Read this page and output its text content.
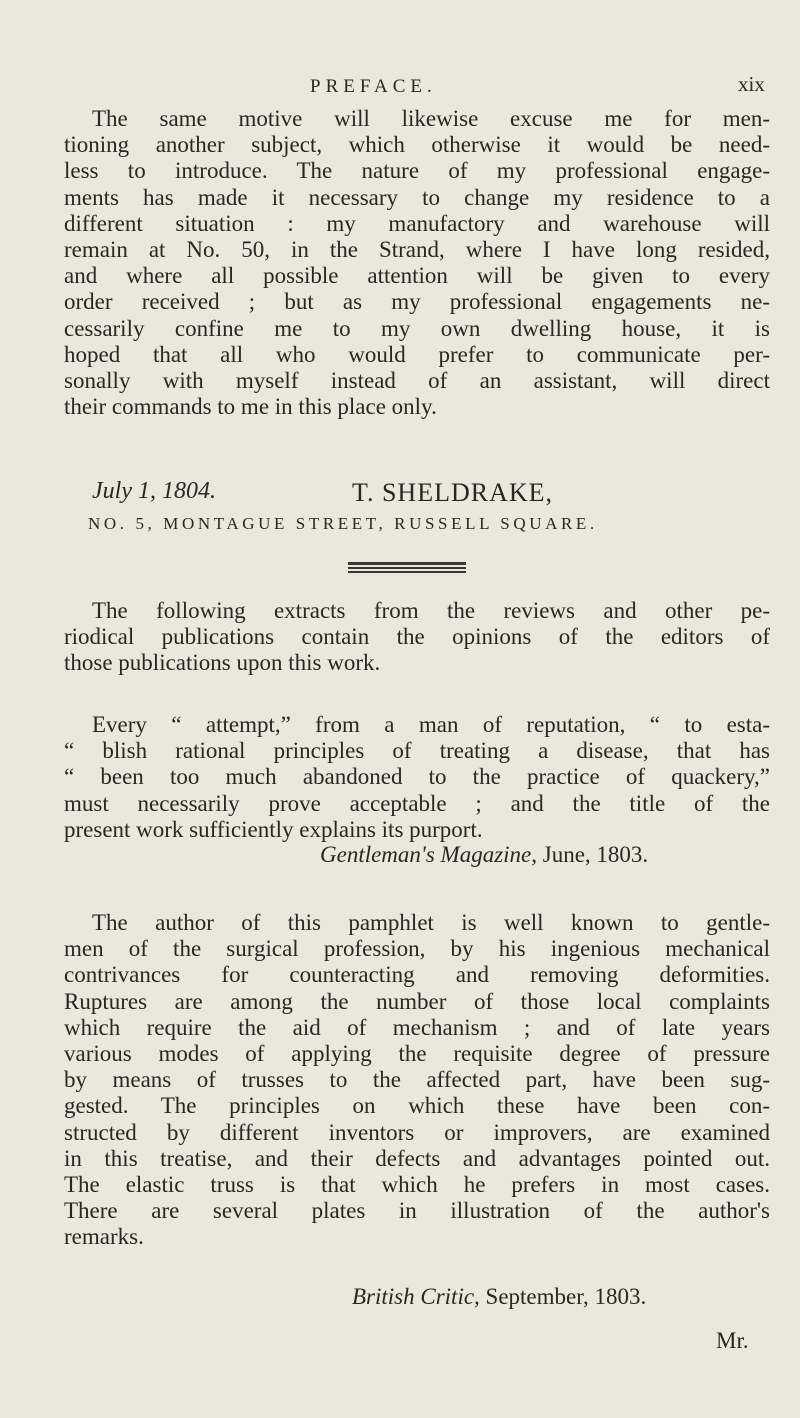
PREFACE.	xix
The same motive will likewise excuse me for men-
tioning another subject, which otherwise it would be need-
less to introduce. The nature of my professional engage-
ments has made it necessary to change my residence to a
different situation : my manufactory and warehouse will
remain at No. 50, in the Strand, where I have long resided,
and where all possible attention will be given to every
order received ; but as my professional engagements ne-
cessarily confine me to my own dwelling house, it is
hoped that all who would prefer to communicate per-
sonally with myself instead of an assistant, will direct
their commands to me in this place only.
July 1, 1804.	T. SHELDRAKE,
NO. 5, MONTAGUE STREET, RUSSELL SQUARE.
The following extracts from the reviews and other pe-
riodical publications contain the opinions of the editors of
those publications upon this work.
Every “ attempt,” from a man of reputation, “ to esta-
“ blish rational principles of treating a disease, that has
“ been too much abandoned to the practice of quackery,”
must necessarily prove acceptable ; and the title of the
present work sufficiently explains its purport.
Gentleman's Magazine, June, 1803.
The author of this pamphlet is well known to gentle-
men of the surgical profession, by his ingenious mechanical
contrivances for counteracting and removing deformities.
Ruptures are among the number of those local complaints
which require the aid of mechanism ; and of late years
various modes of applying the requisite degree of pressure
by means of trusses to the affected part, have been sug-
gested. The principles on which these have been con-
structed by different inventors or improvers, are examined
in this treatise, and their defects and advantages pointed out.
The elastic truss is that which he prefers in most cases.
There are several plates in illustration of the author's
remarks.
British Critic, September, 1803.
Mr.
